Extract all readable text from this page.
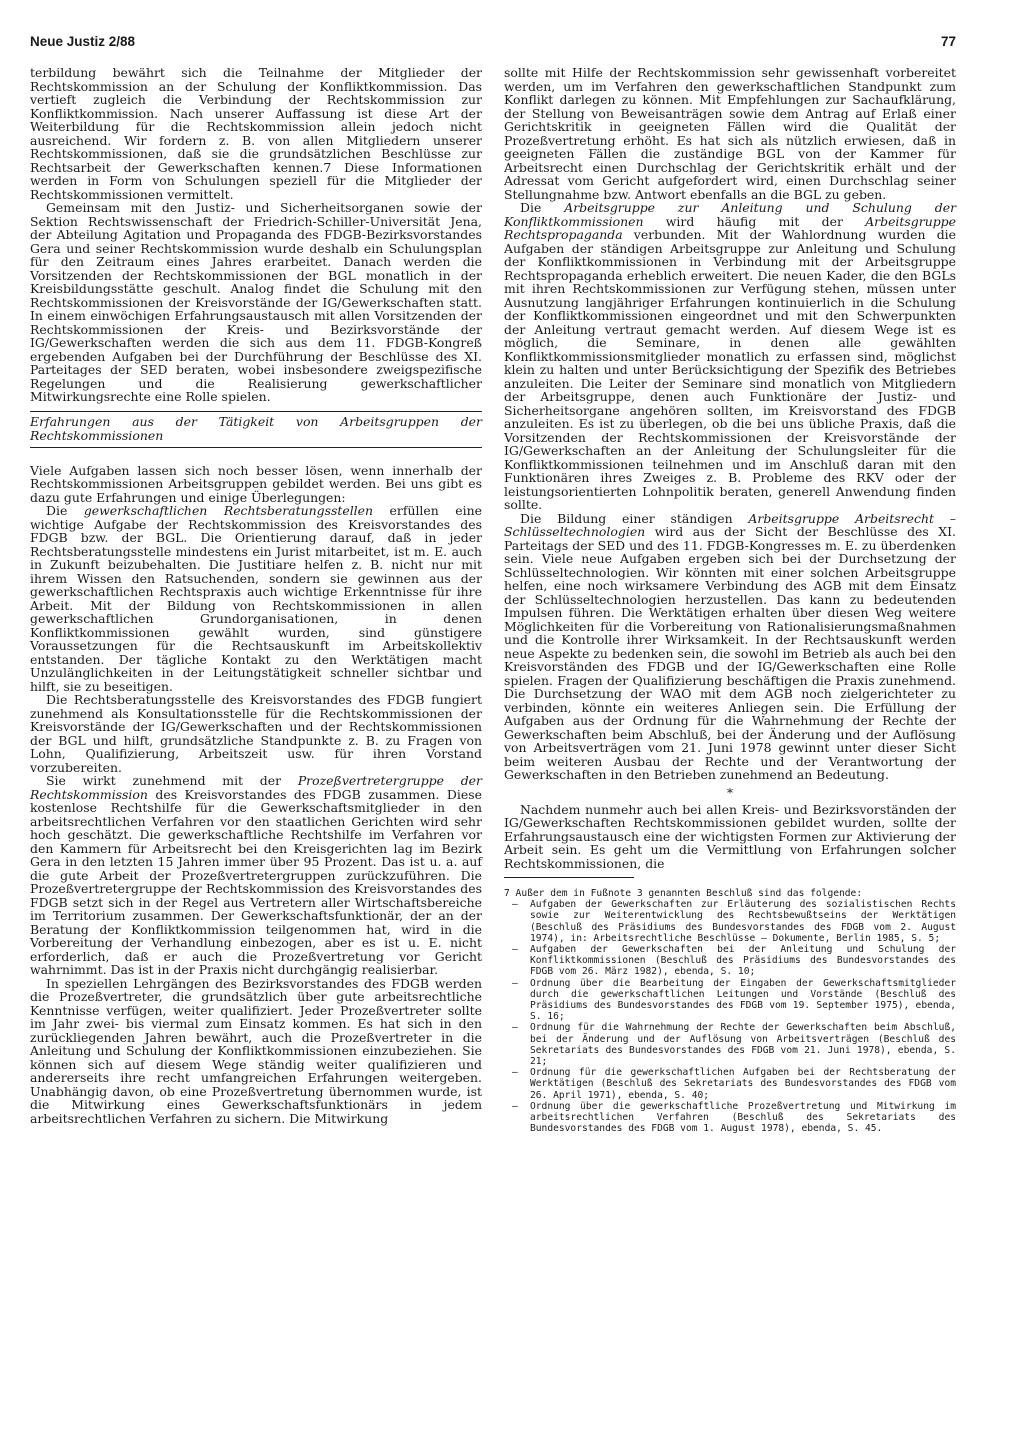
Neue Justiz 2/88	77

terbildung bewährt sich die Teilnahme der Mitglieder der Rechtskommission an der Schulung der Konfliktkommission. Das vertieft zugleich die Verbindung der Rechtskommission zur Konfliktkommission. Nach unserer Auffassung ist diese Art der Weiterbildung für die Rechtskommission allein jedoch nicht ausreichend. Wir fordern z. B. von allen Mitgliedern unserer Rechtskommissionen, daß sie die grundsätzlichen Beschlüsse zur Rechtsarbeit der Gewerkschaften kennen.7 Diese Informationen werden in Form von Schulungen speziell für die Mitglieder der Rechtskommissionen vermittelt.

Gemeinsam mit den Justiz- und Sicherheitsorganen sowie der Sektion Rechtswissenschaft der Friedrich-Schiller-Universität Jena, der Abteilung Agitation und Propaganda des FDGB-Bezirksvorstandes Gera und seiner Rechtskommission wurde deshalb ein Schulungsplan für den Zeitraum eines Jahres erarbeitet. Danach werden die Vorsitzenden der Rechtskommissionen der BGL monatlich in der Kreisbildungsstätte geschult. Analog findet die Schulung mit den Rechtskommissionen der Kreisvorstände der IG/Gewerkschaften statt. In einem einwöchigen Erfahrungsaustausch mit allen Vorsitzenden der Rechtskommissionen der Kreis- und Bezirksvorstände der IG/Gewerkschaften werden die sich aus dem 11. FDGB-Kongreß ergebenden Aufgaben bei der Durchführung der Beschlüsse des XI. Parteitages der SED beraten, wobei insbesondere zweigspezifische Regelungen und die Realisierung gewerkschaftlicher Mitwirkungsrechte eine Rolle spielen.

Erfahrungen aus der Tätigkeit von Arbeitsgruppen der Rechtskommissionen

Viele Aufgaben lassen sich noch besser lösen, wenn innerhalb der Rechtskommissionen Arbeitsgruppen gebildet werden. Bei uns gibt es dazu gute Erfahrungen und einige Überlegungen:

Die gewerkschaftlichen Rechtsberatungsstellen erfüllen eine wichtige Aufgabe der Rechtskommission des Kreisvorstandes des FDGB bzw. der BGL. Die Orientierung darauf, daß in jeder Rechtsberatungsstelle mindestens ein Jurist mitarbeitet, ist m. E. auch in Zukunft beizubehalten. Die Justitiare helfen z. B. nicht nur mit ihrem Wissen den Ratsuchenden, sondern sie gewinnen aus der gewerkschaftlichen Rechtspraxis auch wichtige Erkenntnisse für ihre Arbeit. Mit der Bildung von Rechtskommissionen in allen gewerkschaftlichen Grundorganisationen, in denen Konfliktkommissionen gewählt wurden, sind günstigere Voraussetzungen für die Rechtsauskunft im Arbeitskollektiv entstanden. Der tägliche Kontakt zu den Werktätigen macht Unzulänglichkeiten in der Leitungstätigkeit schneller sichtbar und hilft, sie zu beseitigen.

Die Rechtsberatungsstelle des Kreisvorstandes des FDGB fungiert zunehmend als Konsultationsstelle für die Rechtskommissionen der Kreisvorstände der IG/Gewerkschaften und der Rechtskommissionen der BGL und hilft, grundsätzliche Standpunkte z. B. zu Fragen von Lohn, Qualifizierung, Arbeitszeit usw. für ihren Vorstand vorzubereiten.

Sie wirkt zunehmend mit der Prozeßvertretergruppe der Rechtskommission des Kreisvorstandes des FDGB zusammen. Diese kostenlose Rechtshilfe für die Gewerkschaftsmitglieder in den arbeitsrechtlichen Verfahren vor den staatlichen Gerichten wird sehr hoch geschätzt. Die gewerkschaftliche Rechtshilfe im Verfahren vor den Kammern für Arbeitsrecht bei den Kreisgerichten lag im Bezirk Gera in den letzten 15 Jahren immer über 95 Prozent. Das ist u. a. auf die gute Arbeit der Prozeßvertretergruppen zurückzuführen. Die Prozeßvertretergruppe der Rechtskommission des Kreisvorstandes des FDGB setzt sich in der Regel aus Vertretern aller Wirtschaftsbereiche im Territorium zusammen. Der Gewerkschaftsfunktionär, der an der Beratung der Konfliktkommission teilgenommen hat, wird in die Vorbereitung der Verhandlung einbezogen, aber es ist u. E. nicht erforderlich, daß er auch die Prozeßvertretung vor Gericht wahrnimmt. Das ist in der Praxis nicht durchgängig realisierbar.

In speziellen Lehrgängen des Bezirksvorstandes des FDGB werden die Prozeßvertreter, die grundsätzlich über gute arbeitsrechtliche Kenntnisse verfügen, weiter qualifiziert. Jeder Prozeßvertreter sollte im Jahr zwei- bis viermal zum Einsatz kommen. Es hat sich in den zurückliegenden Jahren bewährt, auch die Prozeßvertreter in die Anleitung und Schulung der Konfliktkommissionen einzubeziehen. Sie können sich auf diesem Wege ständig weiter qualifizieren und andererseits ihre recht umfangreichen Erfahrungen weitergeben. Unabhängig davon, ob eine Prozeßvertretung übernommen wurde, ist die Mitwirkung eines Gewerkschaftsfunktionärs in jedem arbeitsrechtlichen Verfahren zu sichern. Die Mitwirkung

sollte mit Hilfe der Rechtskommission sehr gewissenhaft vorbereitet werden, um im Verfahren den gewerkschaftlichen Standpunkt zum Konflikt darlegen zu können. Mit Empfehlungen zur Sachaufklärung, der Stellung von Beweisanträgen sowie dem Antrag auf Erlaß einer Gerichtskritik in geeigneten Fällen wird die Qualität der Prozeßvertretung erhöht. Es hat sich als nützlich erwiesen, daß in geeigneten Fällen die zuständige BGL von der Kammer für Arbeitsrecht einen Durchschlag der Gerichtskritik erhält und der Adressat vom Gericht aufgefordert wird, einen Durchschlag seiner Stellungnahme bzw. Antwort ebenfalls an die BGL zu geben.

Die Arbeitsgruppe zur Anleitung und Schulung der Konfliktkommissionen wird häufig mit der Arbeitsgruppe Rechtspropaganda verbunden. Mit der Wahlordnung wurden die Aufgaben der ständigen Arbeitsgruppe zur Anleitung und Schulung der Konfliktkommissionen in Verbindung mit der Arbeitsgruppe Rechtspropaganda erheblich erweitert. Die neuen Kader, die den BGLs mit ihren Rechtskommissionen zur Verfügung stehen, müssen unter Ausnutzung langjähriger Erfahrungen kontinuierlich in die Schulung der Konfliktkommissionen eingeordnet und mit den Schwerpunkten der Anleitung vertraut gemacht werden. Auf diesem Wege ist es möglich, die Seminare, in denen alle gewählten Konfliktkommissionsmitglieder monatlich zu erfassen sind, möglichst klein zu halten und unter Berücksichtigung der Spezifik des Betriebes anzuleiten. Die Leiter der Seminare sind monatlich von Mitgliedern der Arbeitsgruppe, denen auch Funktionäre der Justiz- und Sicherheitsorgane angehören sollten, im Kreisvorstand des FDGB anzuleiten. Es ist zu überlegen, ob die bei uns übliche Praxis, daß die Vorsitzenden der Rechtskommissionen der Kreisvorstände der IG/Gewerkschaften an der Anleitung der Schulungsleiter für die Konfliktkommissionen teilnehmen und im Anschluß daran mit den Funktionären ihres Zweiges z. B. Probleme des RKV oder der leistungsorientierten Lohnpolitik beraten, generell Anwendung finden sollte.

Die Bildung einer ständigen Arbeitsgruppe Arbeitsrecht – Schlüsseltechnologien wird aus der Sicht der Beschlüsse des XI. Parteitags der SED und des 11. FDGB-Kongresses m. E. zu überdenken sein. Viele neue Aufgaben ergeben sich bei der Durchsetzung der Schlüsseltechnologien. Wir könnten mit einer solchen Arbeitsgruppe helfen, eine noch wirksamere Verbindung des AGB mit dem Einsatz der Schlüsseltechnologien herzustellen. Das kann zu bedeutenden Impulsen führen. Die Werktätigen erhalten über diesen Weg weitere Möglichkeiten für die Vorbereitung von Rationalisierungsmaßnahmen und die Kontrolle ihrer Wirksamkeit. In der Rechtsauskunft werden neue Aspekte zu bedenken sein, die sowohl im Betrieb als auch bei den Kreisvorständen des FDGB und der IG/Gewerkschaften eine Rolle spielen. Fragen der Qualifizierung beschäftigen die Praxis zunehmend. Die Durchsetzung der WAO mit dem AGB noch zielgerichteter zu verbinden, könnte ein weiteres Anliegen sein. Die Erfüllung der Aufgaben aus der Ordnung für die Wahrnehmung der Rechte der Gewerkschaften beim Abschluß, bei der Änderung und der Auflösung von Arbeitsverträgen vom 21. Juni 1978 gewinnt unter dieser Sicht beim weiteren Ausbau der Rechte und der Verantwortung der Gewerkschaften in den Betrieben zunehmend an Bedeutung.

*

Nachdem nunmehr auch bei allen Kreis- und Bezirksvorständen der IG/Gewerkschaften Rechtskommissionen gebildet wurden, sollte der Erfahrungsaustausch eine der wichtigsten Formen zur Aktivierung der Arbeit sein. Es geht um die Vermittlung von Erfahrungen solcher Rechtskommissionen, die

7 Außer dem in Fußnote 3 genannten Beschluß sind das folgende:
– Aufgaben der Gewerkschaften zur Erläuterung des sozialistischen Rechts sowie zur Weiterentwicklung des Rechtsbewußtseins der Werktätigen (Beschluß des Präsidiums des Bundesvorstandes des FDGB vom 2. August 1974), in: Arbeitsrechtliche Beschlüsse – Dokumente, Berlin 1985, S. 5;
– Aufgaben der Gewerkschaften bei der Anleitung und Schulung der Konfliktkommissionen (Beschluß des Präsidiums des Bundesvorstandes des FDGB vom 26. März 1982), ebenda, S. 10;
– Ordnung über die Bearbeitung der Eingaben der Gewerkschaftsmitglieder durch die gewerkschaftlichen Leitungen und Vorstände (Beschluß des Präsidiums des Bundesvorstandes des FDGB vom 19. September 1975), ebenda, S. 16;
– Ordnung für die Wahrnehmung der Rechte der Gewerkschaften beim Abschluß, bei der Änderung und der Auflösung von Arbeitsverträgen (Beschluß des Sekretariats des Bundesvorstandes des FDGB vom 21. Juni 1978), ebenda, S. 21;
– Ordnung für die gewerkschaftlichen Aufgaben bei der Rechtsberatung der Werktätigen (Beschluß des Sekretariats des Bundesvorstandes des FDGB vom 26. April 1971), ebenda, S. 40;
– Ordnung über die gewerkschaftliche Prozeßvertretung und Mitwirkung im arbeitsrechtlichen Verfahren (Beschluß des Sekretariats des Bundesvorstandes des FDGB vom 1. August 1978), ebenda, S. 45.
